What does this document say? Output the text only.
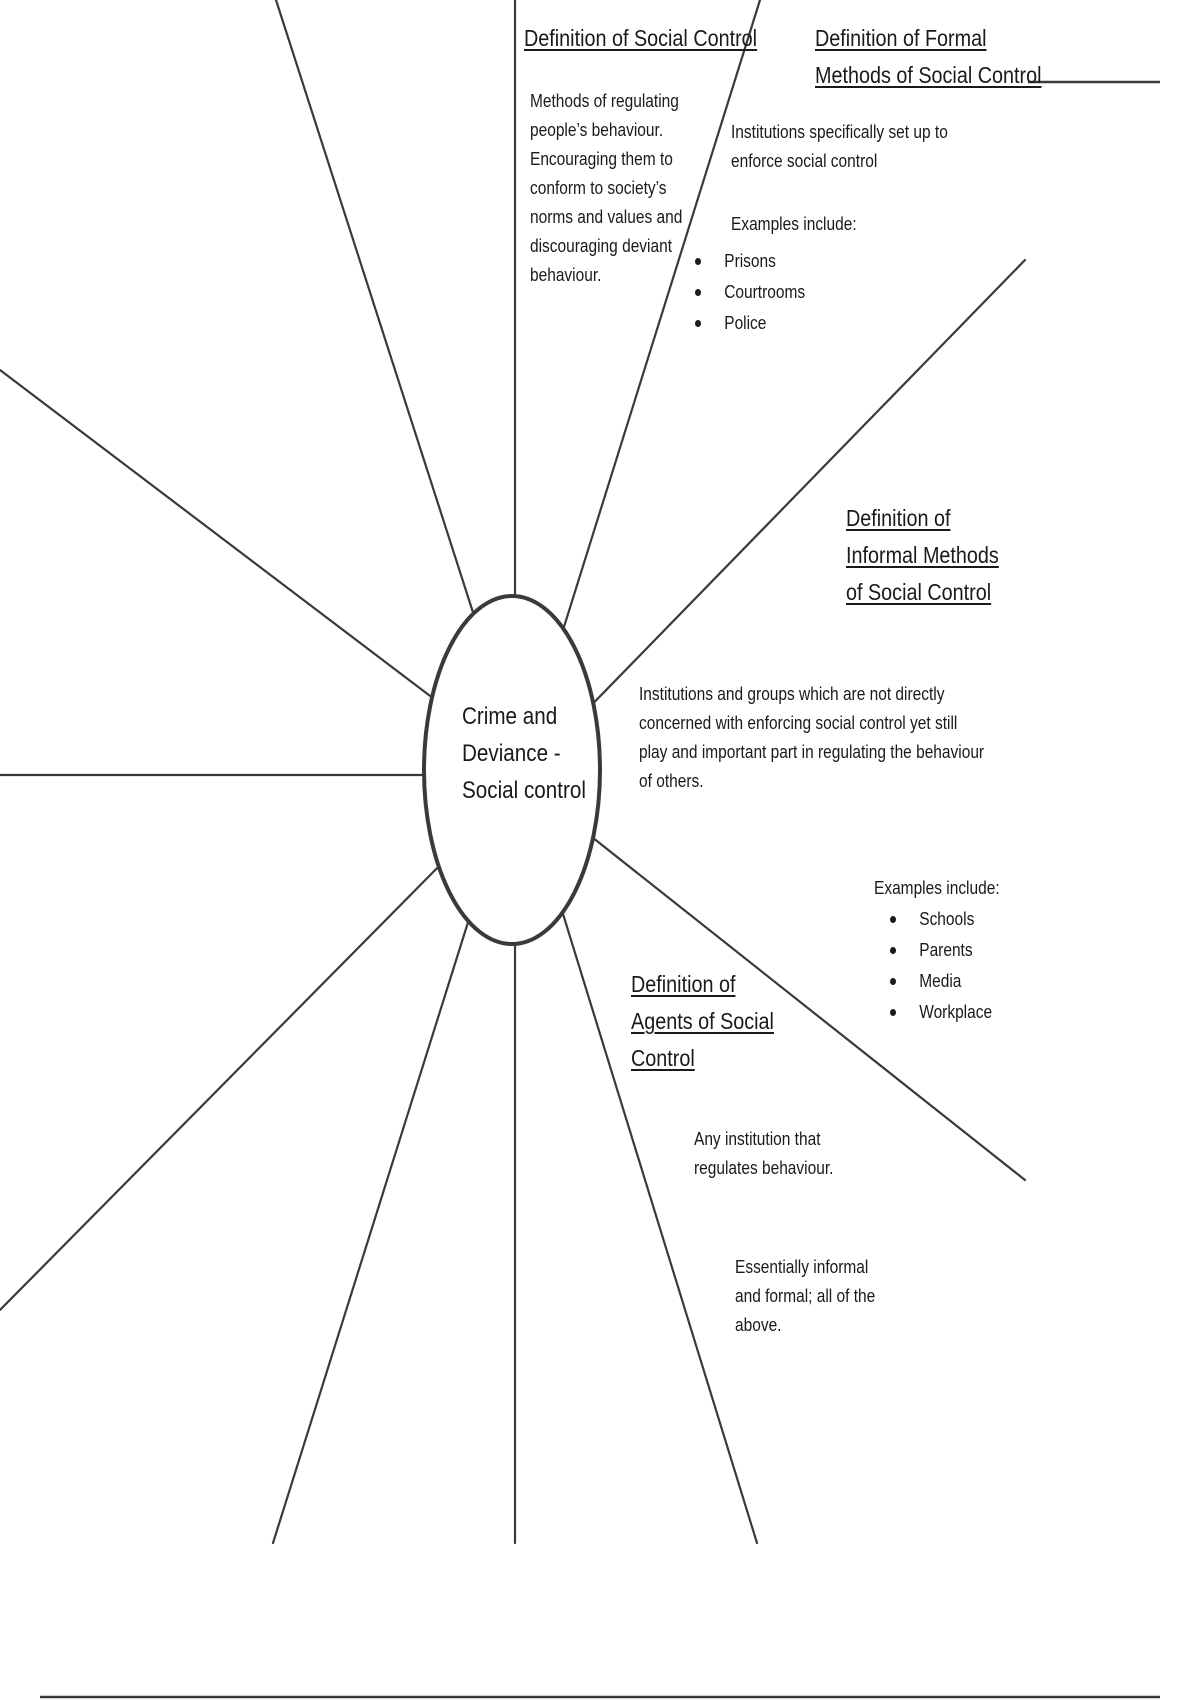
Crime and
Deviance -
Social control

Definition of Social Control

Methods of regulating people’s behaviour. Encouraging them to conform to society’s norms and values and discouraging deviant behaviour.

Definition of Formal

Methods of Social Control

Institutions specifically set up to enforce social control

Examples include:

Prisons
Courtrooms
Police

Definition of

Informal Methods

of Social Control

Institutions and groups which are not directly concerned with enforcing social control yet still play and important part in regulating the behaviour of others.

Examples include:

Schools
Parents
Media
Workplace

Definition of

Agents of Social

Control

Any institution that regulates behaviour.

Essentially informal and formal; all of the above.
